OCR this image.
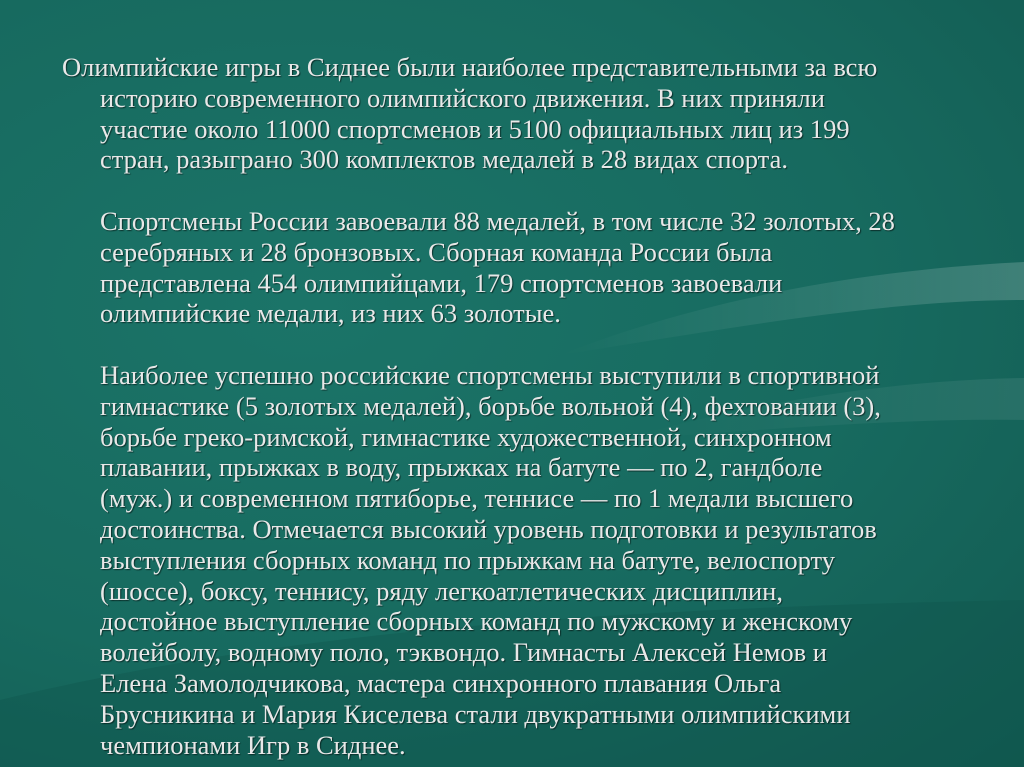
Олимпийские игры в Сиднее были наиболее представительными за всю
историю современного олимпийского движения. В них приняли
участие около 11000 спортсменов и 5100 официальных лиц из 199
стран, разыграно 300 комплектов медалей в 28 видах спорта.

Спортсмены России завоевали 88 медалей, в том числе 32 золотых, 28
серебряных и 28 бронзовых. Сборная команда России была
представлена 454 олимпийцами, 179 спортсменов завоевали
олимпийские медали, из них 63 золотые.

Наиболее успешно российские спортсмены выступили в спортивной
гимнастике (5 золотых медалей), борьбе вольной (4), фехтовании (3),
борьбе греко-римской, гимнастике художественной, синхронном
плавании, прыжках в воду, прыжках на батуте — по 2, гандболе
(муж.) и современном пятиборье, теннисе — по 1 медали высшего
достоинства. Отмечается высокий уровень подготовки и результатов
выступления сборных команд по прыжкам на батуте, велоспорту
(шоссе), боксу, теннису, ряду легкоатлетических дисциплин,
достойное выступление сборных команд по мужскому и женскому
волейболу, водному поло, тэквондо. Гимнасты Алексей Немов и
Елена Замолодчикова, мастера синхронного плавания Ольга
Брусникина и Мария Киселева стали двукратными олимпийскими
чемпионами Игр в Сиднее.
